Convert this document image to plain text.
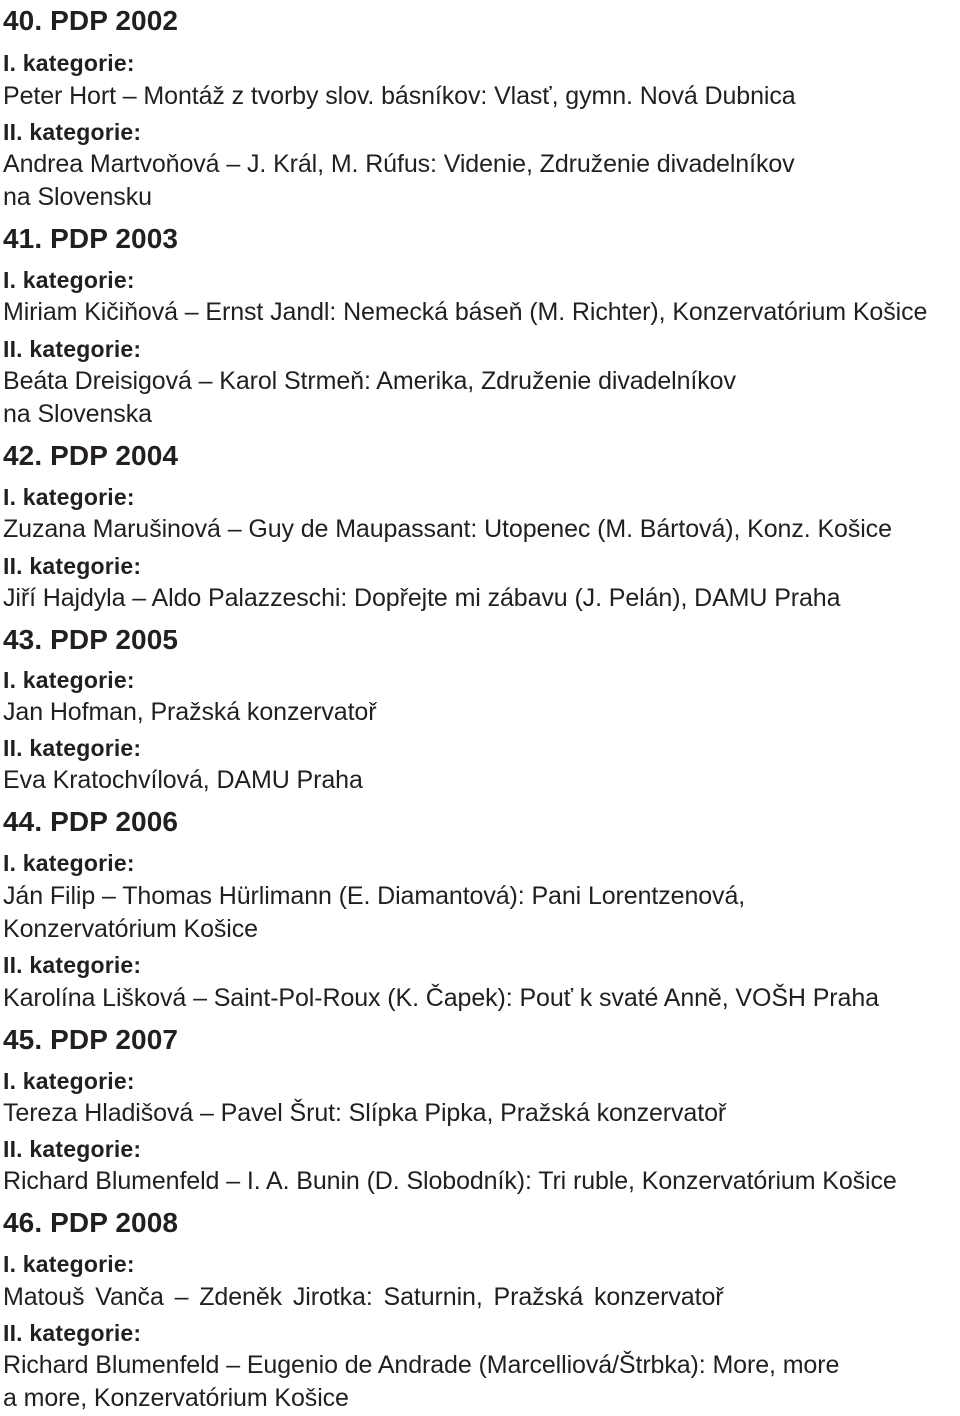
40. PDP 2002
I. kategorie:
Peter Hort – Montáž z tvorby slov. básníkov: Vlasť, gymn. Nová Dubnica
II. kategorie:
Andrea Martvoňová – J. Král, M. Rúfus: Videnie, Združenie divadelníkov
na Slovensku
41. PDP 2003
I. kategorie:
Miriam Kičiňová – Ernst Jandl: Nemecká báseň (M. Richter), Konzervatórium Košice
II. kategorie:
Beáta Dreisigová – Karol Strmeň: Amerika, Združenie divadelníkov
na Slovenska
42. PDP 2004
I. kategorie:
Zuzana Marušinová – Guy de Maupassant: Utopenec (M. Bártová), Konz. Košice
II. kategorie:
Jiří Hajdyla – Aldo Palazzeschi: Dopřejte mi zábavu (J. Pelán), DAMU Praha
43. PDP 2005
I. kategorie:
Jan Hofman, Pražská konzervatoř
II. kategorie:
Eva Kratochvílová, DAMU Praha
44. PDP 2006
I. kategorie:
Ján Filip – Thomas Hürlimann (E. Diamantová): Pani Lorentzenová,
Konzervatórium Košice
II. kategorie:
Karolína Lišková – Saint-Pol-Roux (K. Čapek): Pouť k svaté Anně, VOŠH Praha
45. PDP 2007
I. kategorie:
Tereza Hladišová – Pavel Šrut: Slípka Pipka, Pražská konzervatoř
II. kategorie:
Richard Blumenfeld – I. A. Bunin (D. Slobodník): Tri ruble, Konzervatórium Košice
46. PDP 2008
I. kategorie:
Matouš Vanča – Zdeněk Jirotka: Saturnin, Pražská konzervatoř
II. kategorie:
Richard Blumenfeld – Eugenio de Andrade (Marcelliová/Štrbka): More, more
a more, Konzervatórium Košice
